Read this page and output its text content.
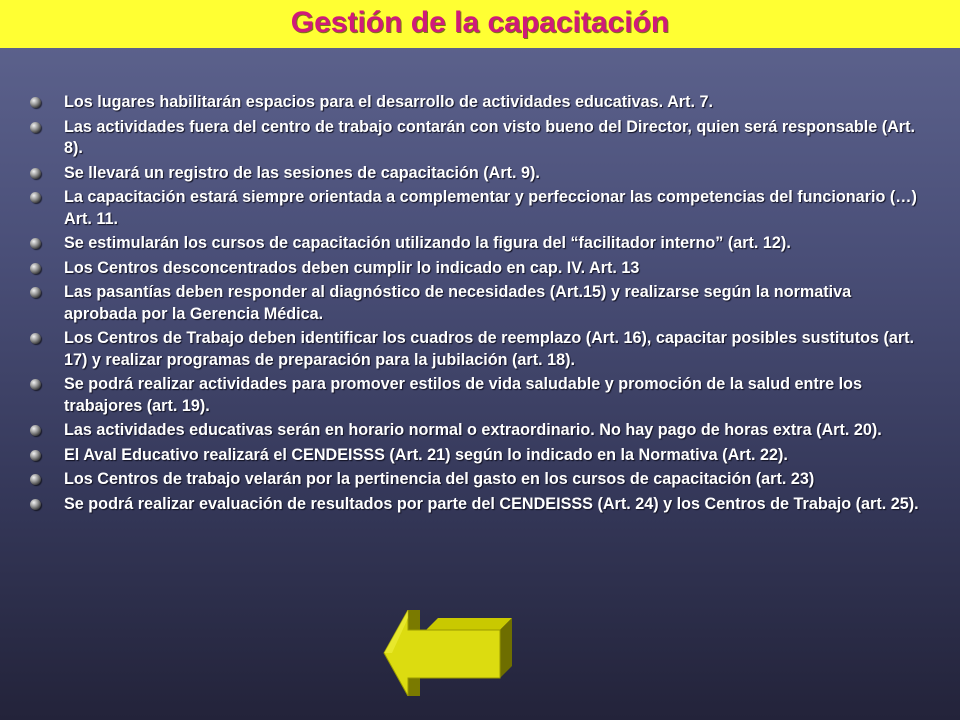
Gestión de la capacitación
Los lugares habilitarán espacios para el desarrollo de actividades educativas. Art. 7.
Las actividades fuera del centro de trabajo contarán con visto bueno del Director, quien será responsable (Art. 8).
Se llevará un registro de las sesiones de capacitación (Art. 9).
La capacitación estará siempre orientada a complementar y perfeccionar las competencias del funcionario (…) Art. 11.
Se estimularán los cursos de capacitación utilizando la figura del “facilitador interno” (art. 12).
Los Centros desconcentrados deben cumplir lo indicado en cap. IV. Art. 13
Las pasantías deben responder al diagnóstico de necesidades (Art.15) y realizarse según la normativa aprobada por la Gerencia Médica.
Los Centros de Trabajo deben identificar los cuadros de reemplazo (Art. 16), capacitar posibles sustitutos (art. 17) y realizar programas de preparación para la jubilación (art. 18).
Se podrá realizar actividades para promover estilos de vida saludable y promoción de la salud entre los trabajores (art. 19).
Las actividades educativas serán en horario normal o extraordinario. No hay pago de horas extra (Art. 20).
El Aval Educativo realizará el CENDEISSS (Art. 21) según lo indicado en la Normativa (Art. 22).
Los Centros de trabajo velarán por la pertinencia del gasto en los cursos de capacitación (art. 23)
Se podrá realizar evaluación de resultados por parte del CENDEISSS (Art. 24) y los Centros de Trabajo (art. 25).
